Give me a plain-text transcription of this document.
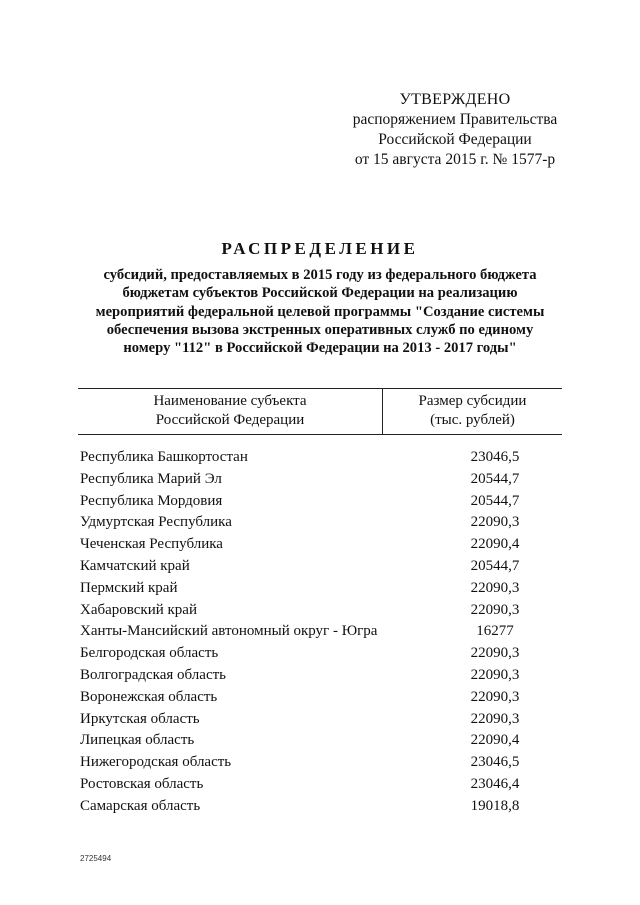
УТВЕРЖДЕНО
распоряжением Правительства
Российской Федерации
от 15 августа 2015 г. № 1577-р
РАСПРЕДЕЛЕНИЕ
субсидий, предоставляемых в 2015 году из федерального бюджета
бюджетам субъектов Российской Федерации на реализацию
мероприятий федеральной целевой программы "Создание системы
обеспечения вызова экстренных оперативных служб по единому
номеру "112" в Российской Федерации на 2013 - 2017 годы"
Наименование субъекта
Российской Федерации
Размер субсидии
(тыс. рублей)
Республика Башкортостан	23046,5
Республика Марий Эл	20544,7
Республика Мордовия	20544,7
Удмуртская Республика	22090,3
Чеченская Республика	22090,4
Камчатский край	20544,7
Пермский край	22090,3
Хабаровский край	22090,3
Ханты-Мансийский автономный округ - Югра	16277
Белгородская область	22090,3
Волгоградская область	22090,3
Воронежская область	22090,3
Иркутская область	22090,3
Липецкая область	22090,4
Нижегородская область	23046,5
Ростовская область	23046,4
Самарская область	19018,8
2725494
